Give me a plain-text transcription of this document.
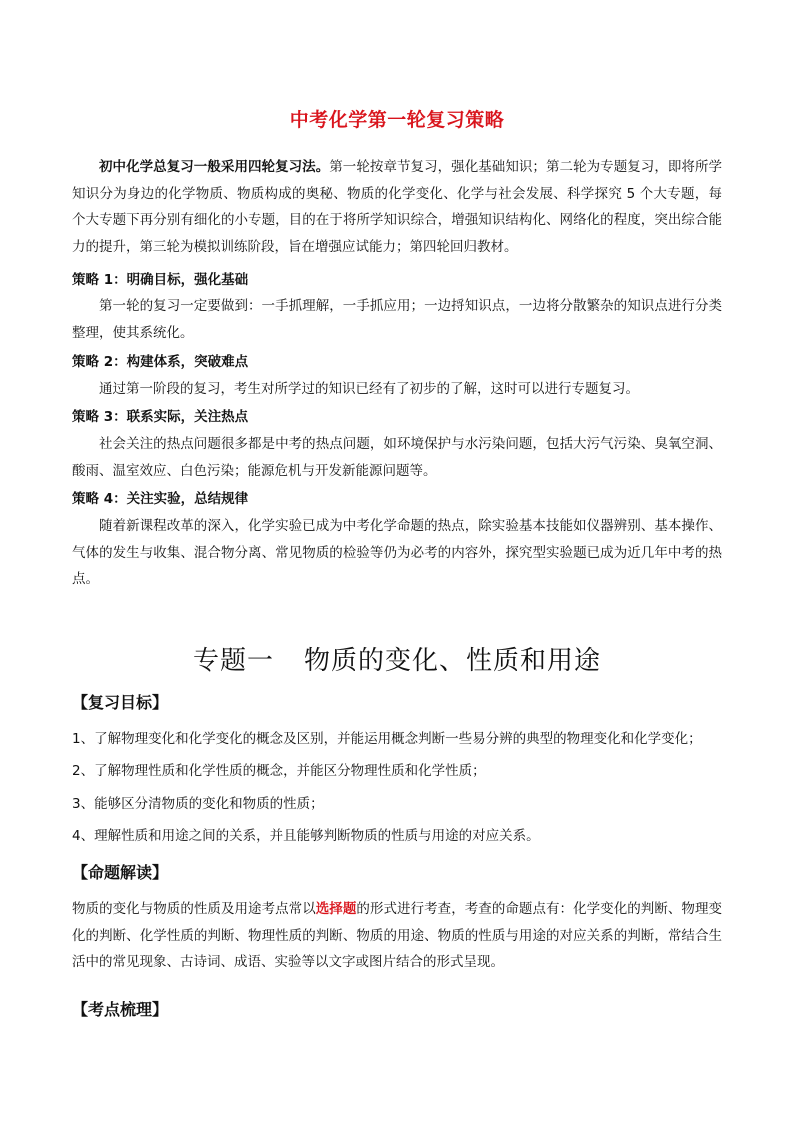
中考化学第一轮复习策略
初中化学总复习一般采用四轮复习法。第一轮按章节复习，强化基础知识；第二轮为专题复习，即将所学知识分为身边的化学物质、物质构成的奥秘、物质的化学变化、化学与社会发展、科学探究 5 个大专题，每个大专题下再分别有细化的小专题，目的在于将所学知识综合，增强知识结构化、网络化的程度，突出综合能力的提升，第三轮为模拟训练阶段，旨在增强应试能力；第四轮回归教材。
策略 1：明确目标，强化基础
第一轮的复习一定要做到：一手抓理解，一手抓应用；一边捋知识点，一边将分散繁杂的知识点进行分类整理，使其系统化。
策略 2：构建体系，突破难点
通过第一阶段的复习，考生对所学过的知识已经有了初步的了解，这时可以进行专题复习。
策略 3：联系实际，关注热点
社会关注的热点问题很多都是中考的热点问题，如环境保护与水污染问题，包括大污气污染、臭氧空洞、酸雨、温室效应、白色污染；能源危机与开发新能源问题等。
策略 4：关注实验，总结规律
随着新课程改革的深入，化学实验已成为中考化学命题的热点，除实验基本技能如仪器辨别、基本操作、气体的发生与收集、混合物分离、常见物质的检验等仍为必考的内容外，探究型实验题已成为近几年中考的热点。
专题一 物质的变化、性质和用途
【复习目标】
1、了解物理变化和化学变化的概念及区别，并能运用概念判断一些易分辨的典型的物理变化和化学变化；
2、了解物理性质和化学性质的概念，并能区分物理性质和化学性质；
3、能够区分清物质的变化和物质的性质；
4、理解性质和用途之间的关系，并且能够判断物质的性质与用途的对应关系。
【命题解读】
物质的变化与物质的性质及用途考点常以选择题的形式进行考查，考查的命题点有：化学变化的判断、物理变化的判断、化学性质的判断、物理性质的判断、物质的用途、物质的性质与用途的对应关系的判断，常结合生活中的常见现象、古诗词、成语、实验等以文字或图片结合的形式呈现。
【考点梳理】
